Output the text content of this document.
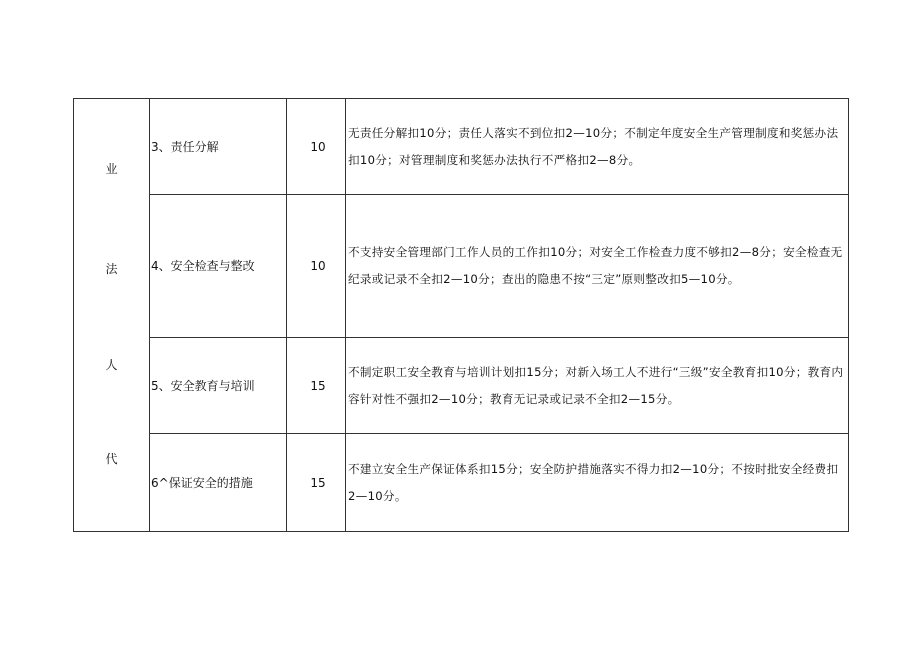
业
法
人
代	3、责任分解	10	无责任分解扣10分；责任人落实不到位扣2—10分；不制定年度安全生产管理制度和奖惩办法扣10分；对管理制度和奖惩办法执行不严格扣2—8分。
	4、安全检查与整改	10	不支持安全管理部门工作人员的工作扣10分；对安全工作检查力度不够扣2—8分；安全检查无纪录或记录不全扣2—10分；查出的隐患不按“三定”原则整改扣5—10分。
	5、安全教育与培训	15	不制定职工安全教育与培训计划扣15分；对新入场工人不进行“三级”安全教育扣10分；教育内容针对性不强扣2—10分；教育无记录或记录不全扣2—15分。
	6^保证安全的措施	15	不建立安全生产保证体系扣15分；安全防护措施落实不得力扣2—10分；不按时批安全经费扣2—10分。
